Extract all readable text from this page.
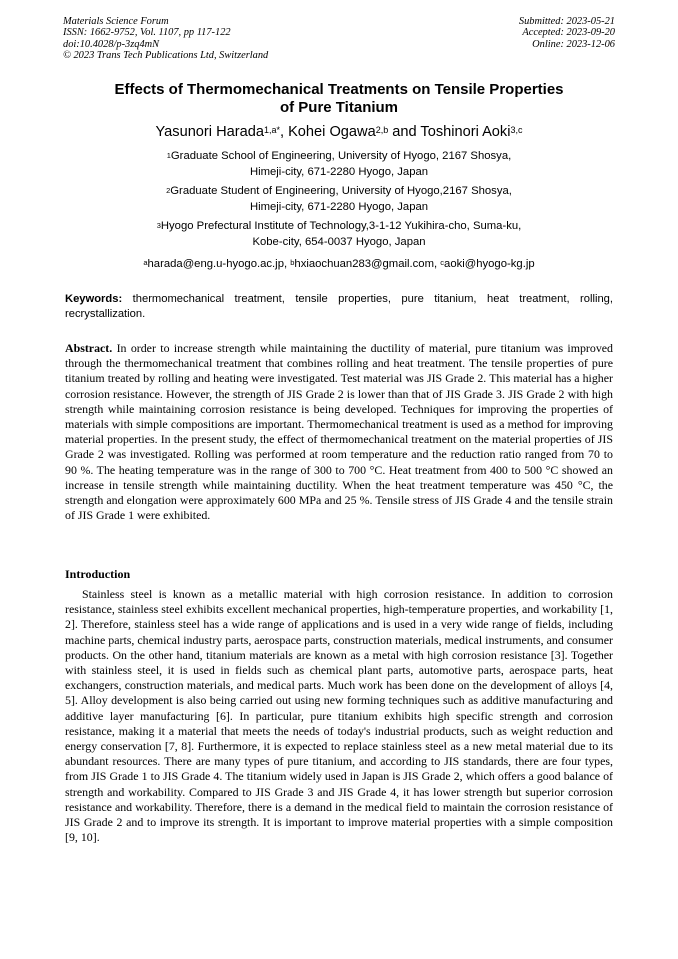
Materials Science Forum
ISSN: 1662-9752, Vol. 1107, pp 117-122
doi:10.4028/p-3zq4mN
© 2023 Trans Tech Publications Ltd, Switzerland
Submitted: 2023-05-21
Accepted: 2023-09-20
Online: 2023-12-06
Effects of Thermomechanical Treatments on Tensile Properties
of Pure Titanium
Yasunori Harada$^{1,a*}$, Kohei Ogawa$^{2,b}$ and Toshinori Aoki$^{3,c}$
$^1$Graduate School of Engineering, University of Hyogo, 2167 Shosya,
Himeji-city, 671-2280 Hyogo, Japan
$^2$Graduate Student of Engineering, University of Hyogo,2167 Shosya,
Himeji-city, 671-2280 Hyogo, Japan
$^3$Hyogo Prefectural Institute of Technology,3-1-12 Yukihira-cho, Suma-ku,
Kobe-city, 654-0037 Hyogo, Japan
$^a$harada@eng.u-hyogo.ac.jp, $^b$hxiaochuan283@gmail.com, $^c$aoki@hyogo-kg.jp
Keywords: thermomechanical treatment, tensile properties, pure titanium, heat treatment, rolling, recrystallization.
Abstract. In order to increase strength while maintaining the ductility of material, pure titanium was improved through the thermomechanical treatment that combines rolling and heat treatment. The tensile properties of pure titanium treated by rolling and heating were investigated. Test material was JIS Grade 2. This material has a higher corrosion resistance. However, the strength of JIS Grade 2 is lower than that of JIS Grade 3. JIS Grade 2 with high strength while maintaining corrosion resistance is being developed. Techniques for improving the properties of materials with simple compositions are important. Thermomechanical treatment is used as a method for improving material properties. In the present study, the effect of thermomechanical treatment on the material properties of JIS Grade 2 was investigated. Rolling was performed at room temperature and the reduction ratio ranged from 70 to 90 %. The heating temperature was in the range of 300 to 700 °C. Heat treatment from 400 to 500 °C showed an increase in tensile strength while maintaining ductility. When the heat treatment temperature was 450 °C, the strength and elongation were approximately 600 MPa and 25 %. Tensile stress of JIS Grade 4 and the tensile strain of JIS Grade 1 were exhibited.
Introduction
Stainless steel is known as a metallic material with high corrosion resistance. In addition to corrosion resistance, stainless steel exhibits excellent mechanical properties, high-temperature properties, and workability [1, 2]. Therefore, stainless steel has a wide range of applications and is used in a very wide range of fields, including machine parts, chemical industry parts, aerospace parts, construction materials, medical instruments, and consumer products. On the other hand, titanium materials are known as a metal with high corrosion resistance [3]. Together with stainless steel, it is used in fields such as chemical plant parts, automotive parts, aerospace parts, heat exchangers, construction materials, and medical parts. Much work has been done on the development of alloys [4, 5]. Alloy development is also being carried out using new forming techniques such as additive manufacturing and additive layer manufacturing [6]. In particular, pure titanium exhibits high specific strength and corrosion resistance, making it a material that meets the needs of today's industrial products, such as weight reduction and energy conservation [7, 8]. Furthermore, it is expected to replace stainless steel as a new metal material due to its abundant resources. There are many types of pure titanium, and according to JIS standards, there are four types, from JIS Grade 1 to JIS Grade 4. The titanium widely used in Japan is JIS Grade 2, which offers a good balance of strength and workability. Compared to JIS Grade 3 and JIS Grade 4, it has lower strength but superior corrosion resistance and workability. Therefore, there is a demand in the medical field to maintain the corrosion resistance of JIS Grade 2 and to improve its strength. It is important to improve material properties with a simple composition [9, 10].
